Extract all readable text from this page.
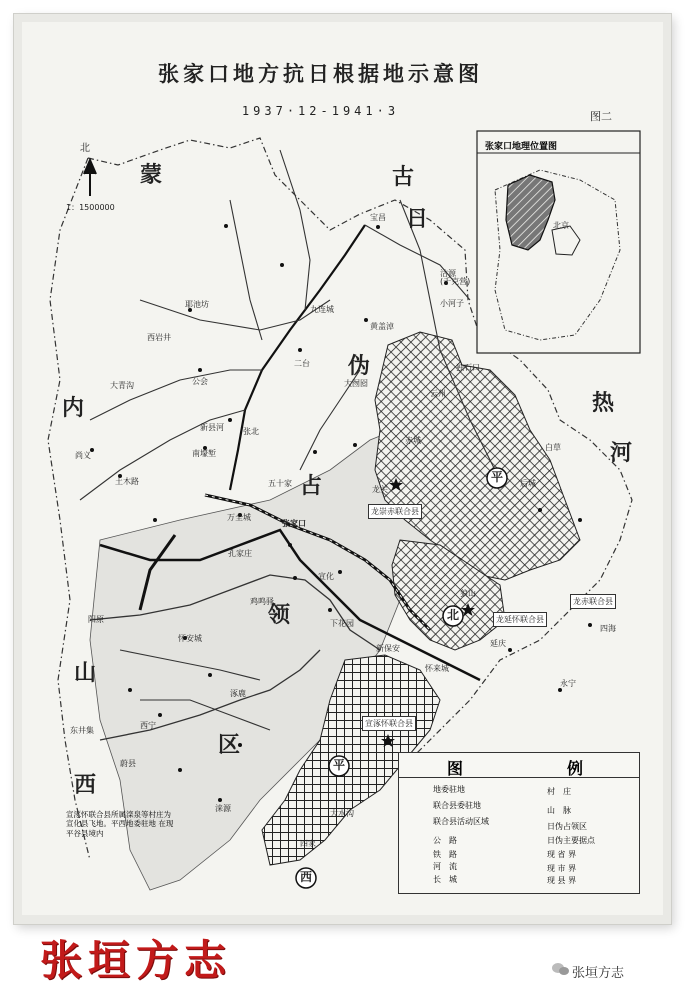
张家口地方抗日根据地示意图
1937·12-1941·3	图二
北
1：1500000
张家口地理位置图
北京
蒙	古
日
伪
占
内
领
区
山
西
热
河
平
北
平
西
宝昌
沽源
(千克营)
小河子
黄盖淖
九连城
二台
大囫囵
耶池坊
西岩井
大青沟	公会
新县河 张北
尚义
土木路
南壕堑
五十家
万全城
张家口
孔家庄
宣化
鸡鸣驿
下花园
新保安
怀来城
延庆
赤城
龙关
云州
独石口
后城
白草
四海
永宁
阳原
怀安城
涿鹿
西宁
东井集
蔚县
涞源
大水沟
四家
狼山
龙崇赤联合县
龙赤联合县
龙延怀联合县
宣涿怀联合县
宣涿怀联合县所属滦泉等村庄为宣化县飞地。平西地委驻地 在现平谷县境内
图	例
地委驻地
联合县委驻地
联合县活动区域
公　路
铁　路
河　流
长　城
村　庄
山　脉
日伪占领区
日伪主要据点
现 省 界
现 市 界
现 县 界
张垣方志	张垣方志
